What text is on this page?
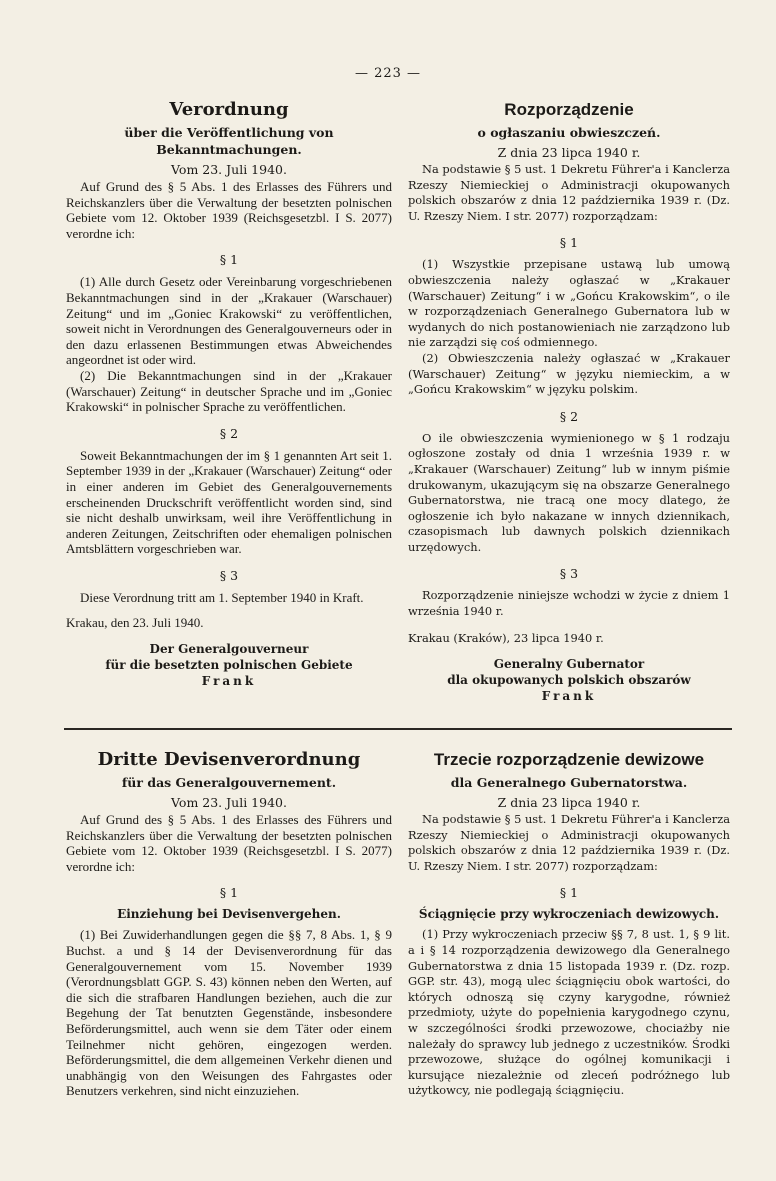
— 223 —
Verordnung
über die Veröffentlichung von Bekanntmachungen.
Vom 23. Juli 1940.

Auf Grund des § 5 Abs. 1 des Erlasses des Führers und Reichskanzlers über die Verwaltung der besetzten polnischen Gebiete vom 12. Oktober 1939 (Reichsgesetzbl. I S. 2077) verordne ich:

§ 1

(1) Alle durch Gesetz oder Vereinbarung vorgeschriebenen Bekanntmachungen sind in der „Krakauer (Warschauer) Zeitung“ und im „Goniec Krakowski“ zu veröffentlichen, soweit nicht in Verordnungen des Generalgouverneurs oder in den dazu erlassenen Bestimmungen etwas Abweichendes angeordnet ist oder wird.

(2) Die Bekanntmachungen sind in der „Krakauer (Warschauer) Zeitung“ in deutscher Sprache und im „Goniec Krakowski“ in polnischer Sprache zu veröffentlichen.

§ 2

Soweit Bekanntmachungen der im § 1 genannten Art seit 1. September 1939 in der „Krakauer (Warschauer) Zeitung“ oder in einer anderen im Gebiet des Generalgouvernements erscheinenden Druckschrift veröffentlicht worden sind, sind sie nicht deshalb unwirksam, weil ihre Veröffentlichung in anderen Zeitungen, Zeitschriften oder ehemaligen polnischen Amtsblättern vorgeschrieben war.

§ 3

Diese Verordnung tritt am 1. September 1940 in Kraft.

Krakau, den 23. Juli 1940.
Der Generalgouverneur
für die besetzten polnischen Gebiete
Frank
Rozporządzenie
o ogłaszaniu obwieszczeń.
Z dnia 23 lipca 1940 r.

Na podstawie § 5 ust. 1 Dekretu Führer'a i Kanclerza Rzeszy Niemieckiej o Administracji okupowanych polskich obszarów z dnia 12 października 1939 r. (Dz. U. Rzeszy Niem. I str. 2077) rozporządzam:

§ 1

(1) Wszystkie przepisane ustawą lub umową obwieszczenia należy ogłaszać w „Krakauer (Warschauer) Zeitung“ i w „Gońcu Krakowskim“, o ile w rozporządzeniach Generalnego Gubernatora lub w wydanych do nich postanowieniach nie zarządzono lub nie zarządzi się coś odmiennego.

(2) Obwieszczenia należy ogłaszać w „Krakauer (Warschauer) Zeitung“ w języku niemieckim, a w „Gońcu Krakowskim“ w języku polskim.

§ 2

O ile obwieszczenia wymienionego w § 1 rodzaju ogłoszone zostały od dnia 1 września 1939 r. w „Krakauer (Warschauer) Zeitung“ lub w innym piśmie drukowanym, ukazującym się na obszarze Generalnego Gubernatorstwa, nie tracą one mocy dlatego, że ogłoszenie ich było nakazane w innych dziennikach, czasopismach lub dawnych polskich dziennikach urzędowych.

§ 3

Rozporządzenie niniejsze wchodzi w życie z dniem 1 września 1940 r.

Krakau (Kraków), 23 lipca 1940 r.
Generalny Gubernator
dla okupowanych polskich obszarów
Frank
Dritte Devisenverordnung
für das Generalgouvernement.
Vom 23. Juli 1940.

Auf Grund des § 5 Abs. 1 des Erlasses des Führers und Reichskanzlers über die Verwaltung der besetzten polnischen Gebiete vom 12. Oktober 1939 (Reichsgesetzbl. I S. 2077) verordne ich:

§ 1
Einziehung bei Devisenvergehen.

(1) Bei Zuwiderhandlungen gegen die §§ 7, 8 Abs. 1, § 9 Buchst. a und § 14 der Devisenverordnung für das Generalgouvernement vom 15. November 1939 (Verordnungsblatt GGP. S. 43) können neben den Werten, auf die sich die strafbaren Handlungen beziehen, auch die zur Begehung der Tat benutzten Gegenstände, insbesondere Beförderungsmittel, auch wenn sie dem Täter oder einem Teilnehmer nicht gehören, eingezogen werden. Beförderungsmittel, die dem allgemeinen Verkehr dienen und unabhängig von den Weisungen des Fahrgastes oder Benutzers verkehren, sind nicht einzuziehen.

Trzecie rozporządzenie dewizowe
dla Generalnego Gubernatorstwa.
Z dnia 23 lipca 1940 r.

Na podstawie § 5 ust. 1 Dekretu Führer'a i Kanclerza Rzeszy Niemieckiej o Administracji okupowanych polskich obszarów z dnia 12 października 1939 r. (Dz. U. Rzeszy Niem. I str. 2077) rozporządzam:

§ 1
Ściągnięcie przy wykroczeniach dewizowych.

(1) Przy wykroczeniach przeciw §§ 7, 8 ust. 1, § 9 lit. a i § 14 rozporządzenia dewizowego dla Generalnego Gubernatorstwa z dnia 15 listopada 1939 r. (Dz. rozp. GGP. str. 43), mogą ulec ściągnięciu obok wartości, do których odnoszą się czyny karygodne, również przedmioty, użyte do popełnienia karygodnego czynu, w szczególności środki przewozowe, chociażby nie należały do sprawcy lub jednego z uczestników. Środki przewozowe, służące do ogólnej komunikacji i kursujące niezależnie od zleceń podróżnego lub użytkowcy, nie podlegają ściągnięciu.
